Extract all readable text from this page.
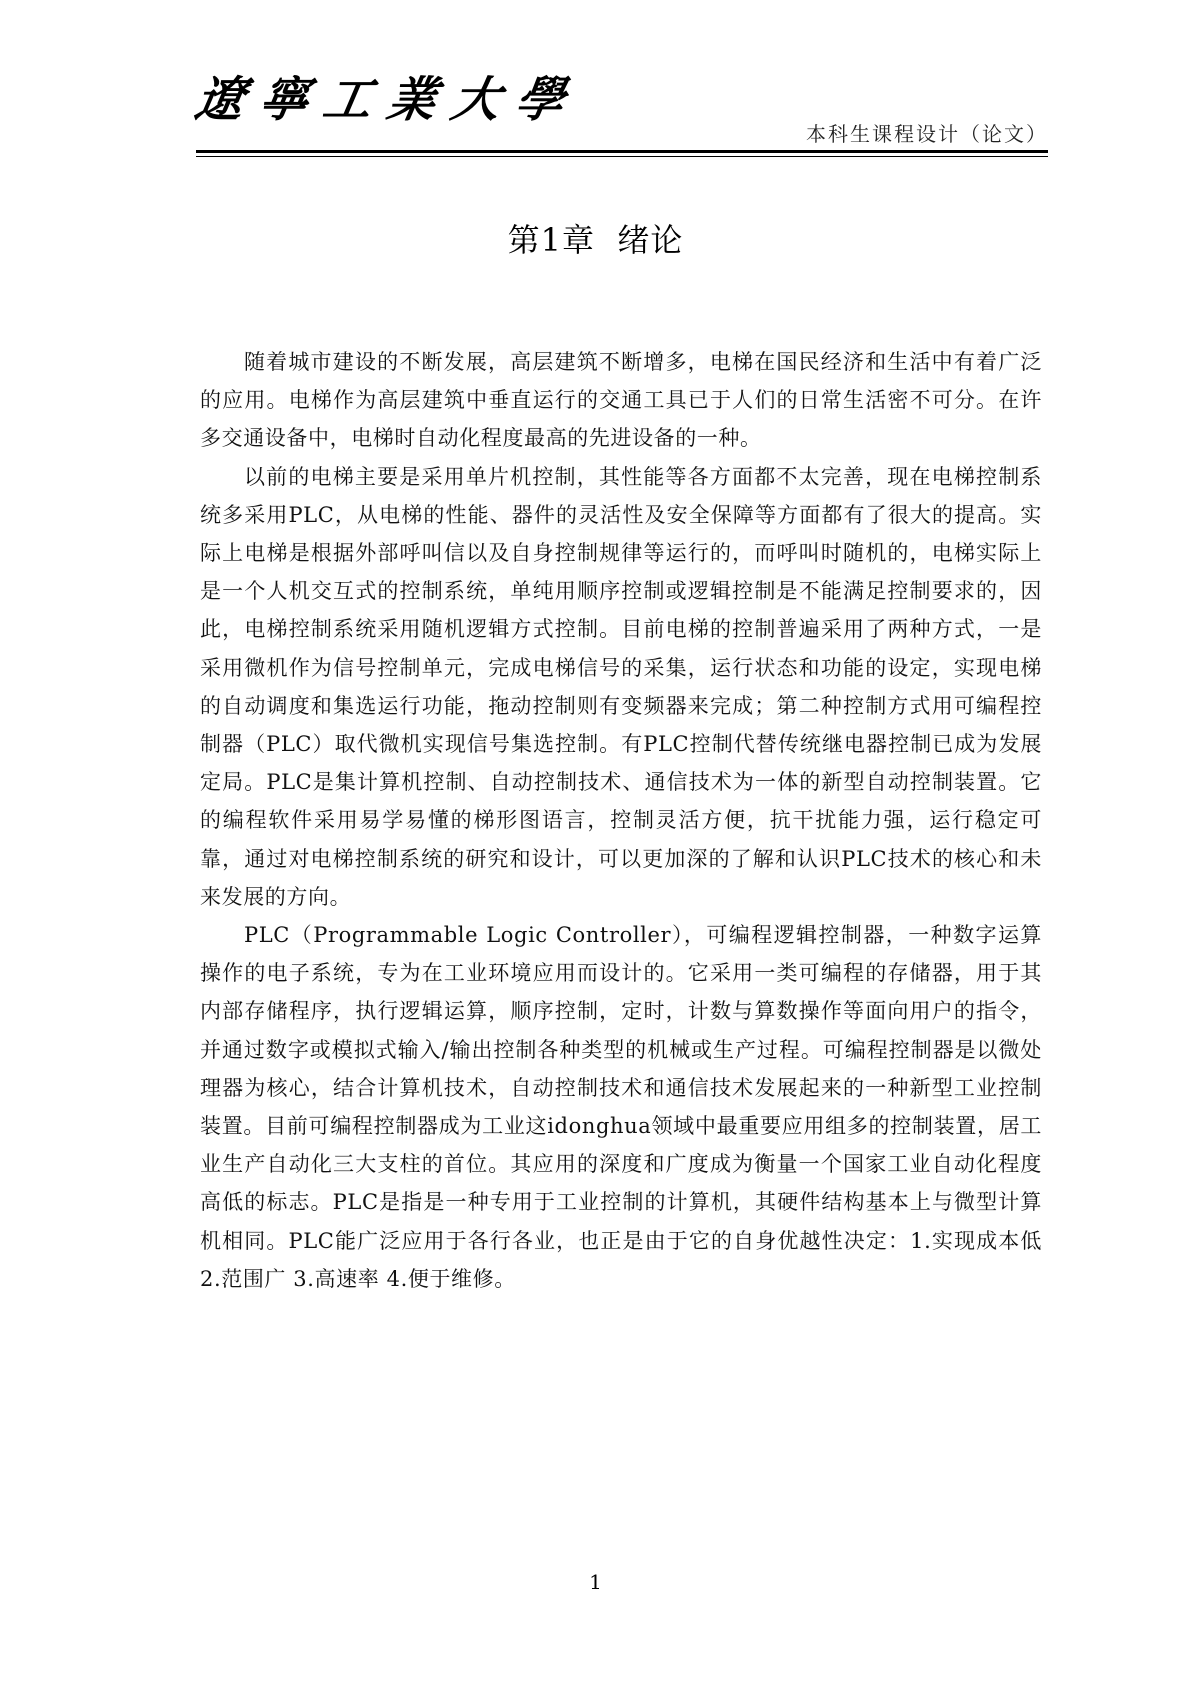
遼寧工業大學
本科生课程设计（论文）
第1章  绪论

随着城市建设的不断发展，高层建筑不断增多，电梯在国民经济和生活中有着广泛的应用。电梯作为高层建筑中垂直运行的交通工具已于人们的日常生活密不可分。在许多交通设备中，电梯时自动化程度最高的先进设备的一种。

以前的电梯主要是采用单片机控制，其性能等各方面都不太完善，现在电梯控制系统多采用PLC，从电梯的性能、器件的灵活性及安全保障等方面都有了很大的提高。实际上电梯是根据外部呼叫信以及自身控制规律等运行的，而呼叫时随机的，电梯实际上是一个人机交互式的控制系统，单纯用顺序控制或逻辑控制是不能满足控制要求的，因此，电梯控制系统采用随机逻辑方式控制。目前电梯的控制普遍采用了两种方式，一是采用微机作为信号控制单元，完成电梯信号的采集，运行状态和功能的设定，实现电梯的自动调度和集选运行功能，拖动控制则有变频器来完成；第二种控制方式用可编程控制器（PLC）取代微机实现信号集选控制。有PLC控制代替传统继电器控制已成为发展定局。PLC是集计算机控制、自动控制技术、通信技术为一体的新型自动控制装置。它的编程软件采用易学易懂的梯形图语言，控制灵活方便，抗干扰能力强，运行稳定可靠，通过对电梯控制系统的研究和设计，可以更加深的了解和认识PLC技术的核心和未来发展的方向。

PLC（Programmable Logic Controller），可编程逻辑控制器，一种数字运算操作的电子系统，专为在工业环境应用而设计的。它采用一类可编程的存储器，用于其内部存储程序，执行逻辑运算，顺序控制，定时，计数与算数操作等面向用户的指令，并通过数字或模拟式输入/输出控制各种类型的机械或生产过程。可编程控制器是以微处理器为核心，结合计算机技术，自动控制技术和通信技术发展起来的一种新型工业控制装置。目前可编程控制器成为工业这idonghua领域中最重要应用组多的控制装置，居工业生产自动化三大支柱的首位。其应用的深度和广度成为衡量一个国家工业自动化程度高低的标志。PLC是指是一种专用于工业控制的计算机，其硬件结构基本上与微型计算机相同。PLC能广泛应用于各行各业，也正是由于它的自身优越性决定：1.实现成本低 2.范围广 3.高速率 4.便于维修。

1
